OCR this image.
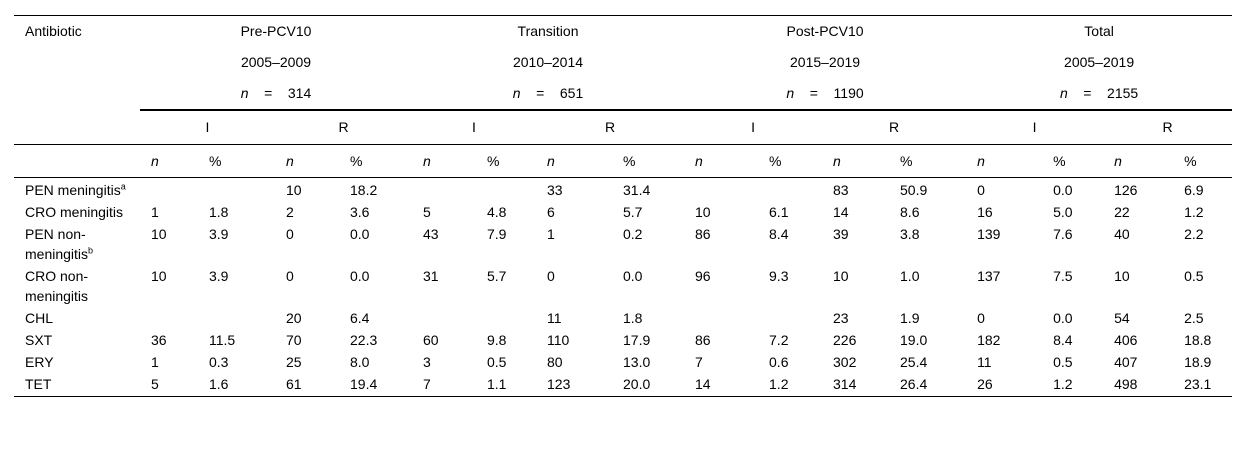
Antibiotic	Pre-PCV10				Transition				Post-PCV10				Total			
	2005–2009				2010–2014				2015–2019				2005–2019			
	n = 314				n = 651				n = 1190				n = 2155			
	I		R		I		R		I		R		I		R	
	n	%	n	%	n	%	n	%	n	%	n	%	n	%	n	%
PEN meningitis$^a$			10	18.2			33	31.4			83	50.9	0	0.0	126	6.9
CRO meningitis	1	1.8	2	3.6	5	4.8	6	5.7	10	6.1	14	8.6	16	5.0	22	1.2
PEN non-meningitis$^b$	10	3.9	0	0.0	43	7.9	1	0.2	86	8.4	39	3.8	139	7.6	40	2.2
CRO non-meningitis	10	3.9	0	0.0	31	5.7	0	0.0	96	9.3	10	1.0	137	7.5	10	0.5
CHL			20	6.4			11	1.8			23	1.9	0	0.0	54	2.5
SXT	36	11.5	70	22.3	60	9.8	110	17.9	86	7.2	226	19.0	182	8.4	406	18.8
ERY	1	0.3	25	8.0	3	0.5	80	13.0	7	0.6	302	25.4	11	0.5	407	18.9
TET	5	1.6	61	19.4	7	1.1	123	20.0	14	1.2	314	26.4	26	1.2	498	23.1
